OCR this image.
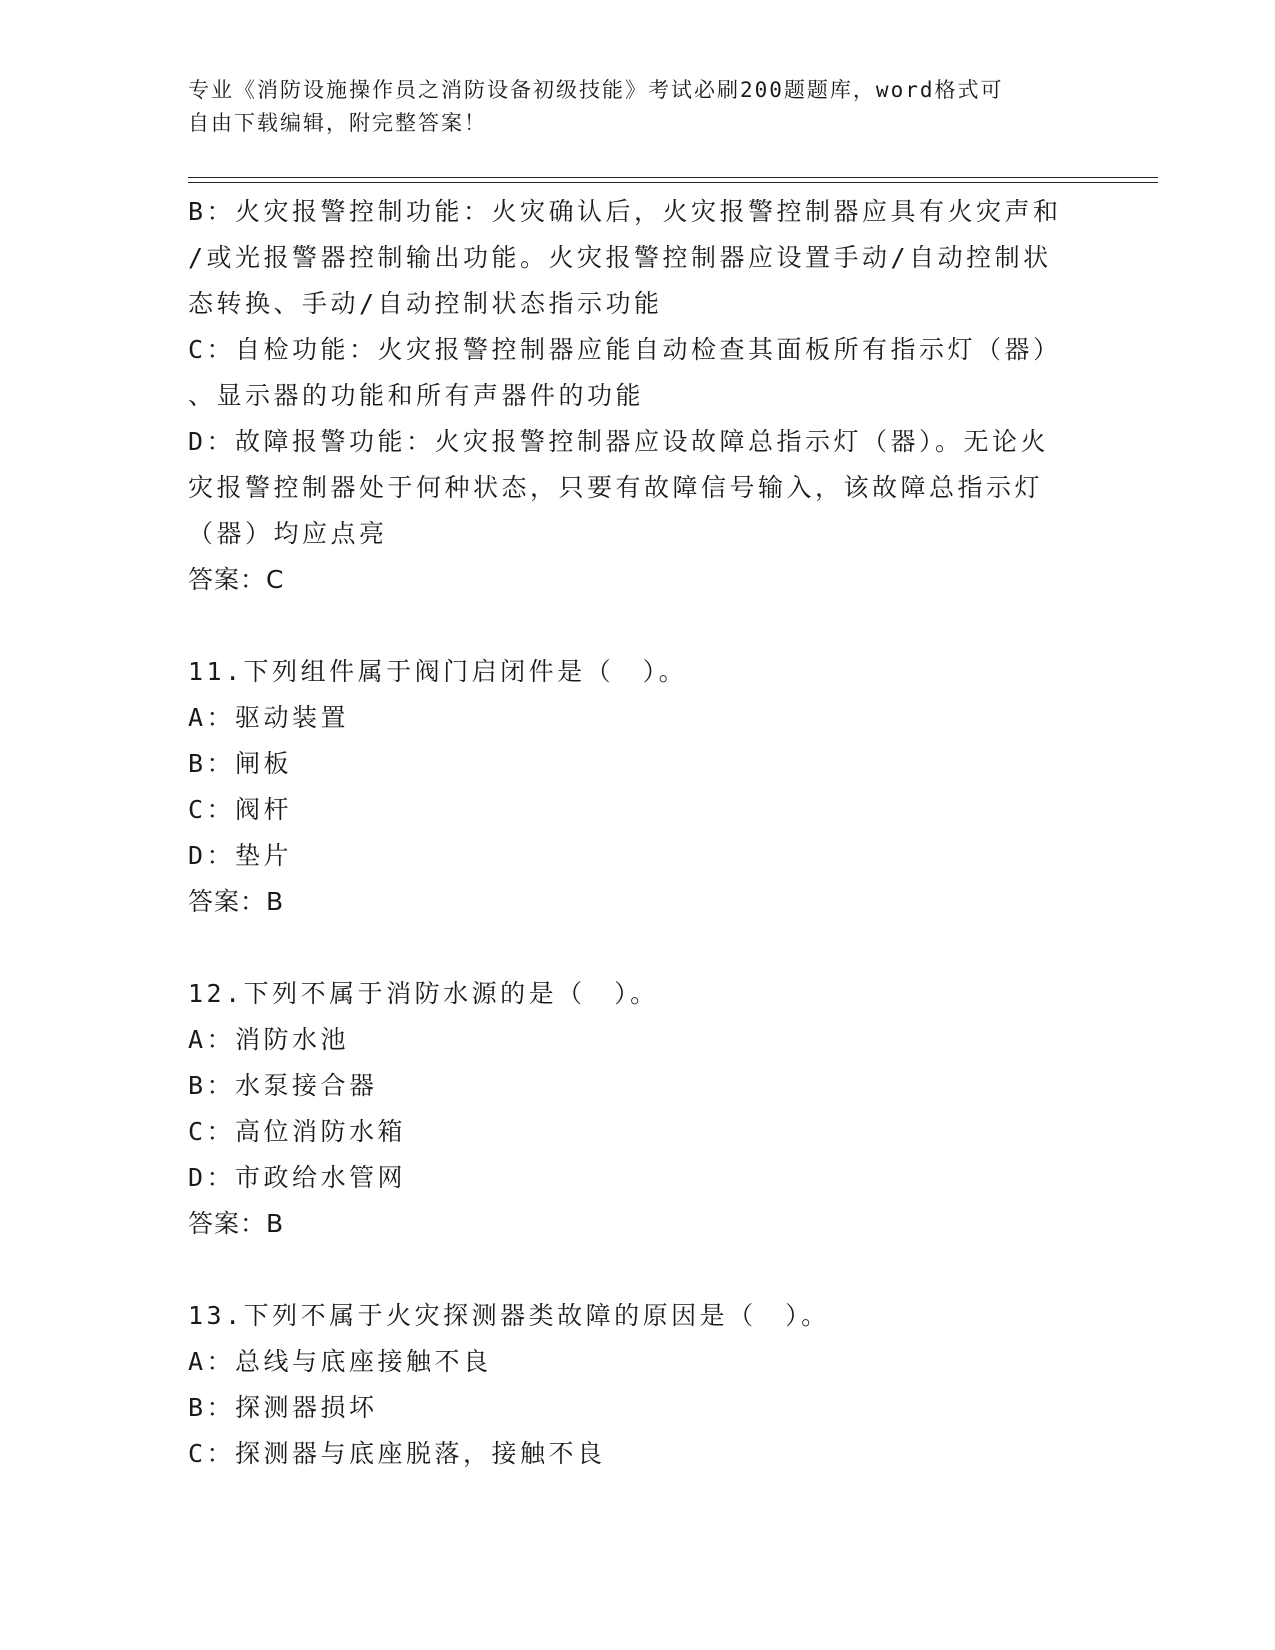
专业《消防设施操作员之消防设备初级技能》考试必刷200题题库，word格式可
自由下载编辑，附完整答案！
B：火灾报警控制功能：火灾确认后，火灾报警控制器应具有火灾声和
/或光报警器控制输出功能。火灾报警控制器应设置手动/自动控制状
态转换、手动/自动控制状态指示功能
C：自检功能：火灾报警控制器应能自动检查其面板所有指示灯（器）
、显示器的功能和所有声器件的功能
D：故障报警功能：火灾报警控制器应设故障总指示灯（器）。无论火
灾报警控制器处于何种状态，只要有故障信号输入，该故障总指示灯
（器）均应点亮
答案：C
11.下列组件属于阀门启闭件是（　）。
A：驱动装置
B：闸板
C：阀杆
D：垫片
答案：B
12.下列不属于消防水源的是（　）。
A：消防水池
B：水泵接合器
C：高位消防水箱
D：市政给水管网
答案：B
13.下列不属于火灾探测器类故障的原因是（　）。
A：总线与底座接触不良
B：探测器损坏
C：探测器与底座脱落，接触不良
